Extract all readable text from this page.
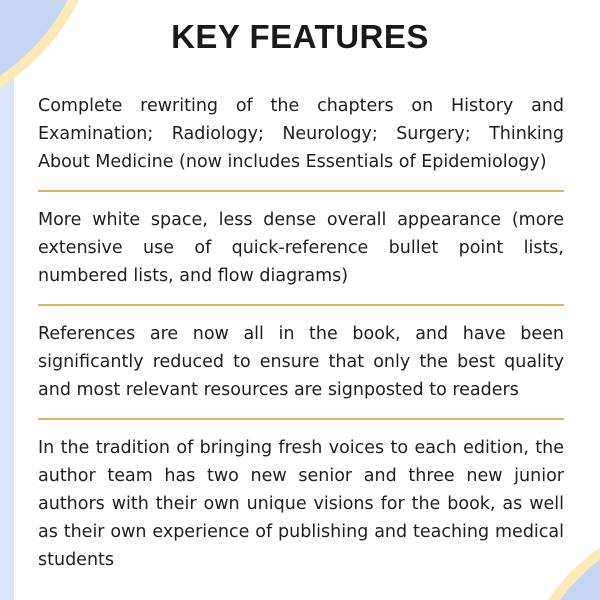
KEY FEATURES

Complete rewriting of the chapters on History and Examination; Radiology; Neurology; Surgery; Thinking About Medicine (now includes Essentials of Epidemiology)

More white space, less dense overall appearance (more extensive use of quick-reference bullet point lists, numbered lists, and flow diagrams)

References are now all in the book, and have been significantly reduced to ensure that only the best quality and most relevant resources are signposted to readers

In the tradition of bringing fresh voices to each edition, the author team has two new senior and three new junior authors with their own unique visions for the book, as well as their own experience of publishing and teaching medical students
